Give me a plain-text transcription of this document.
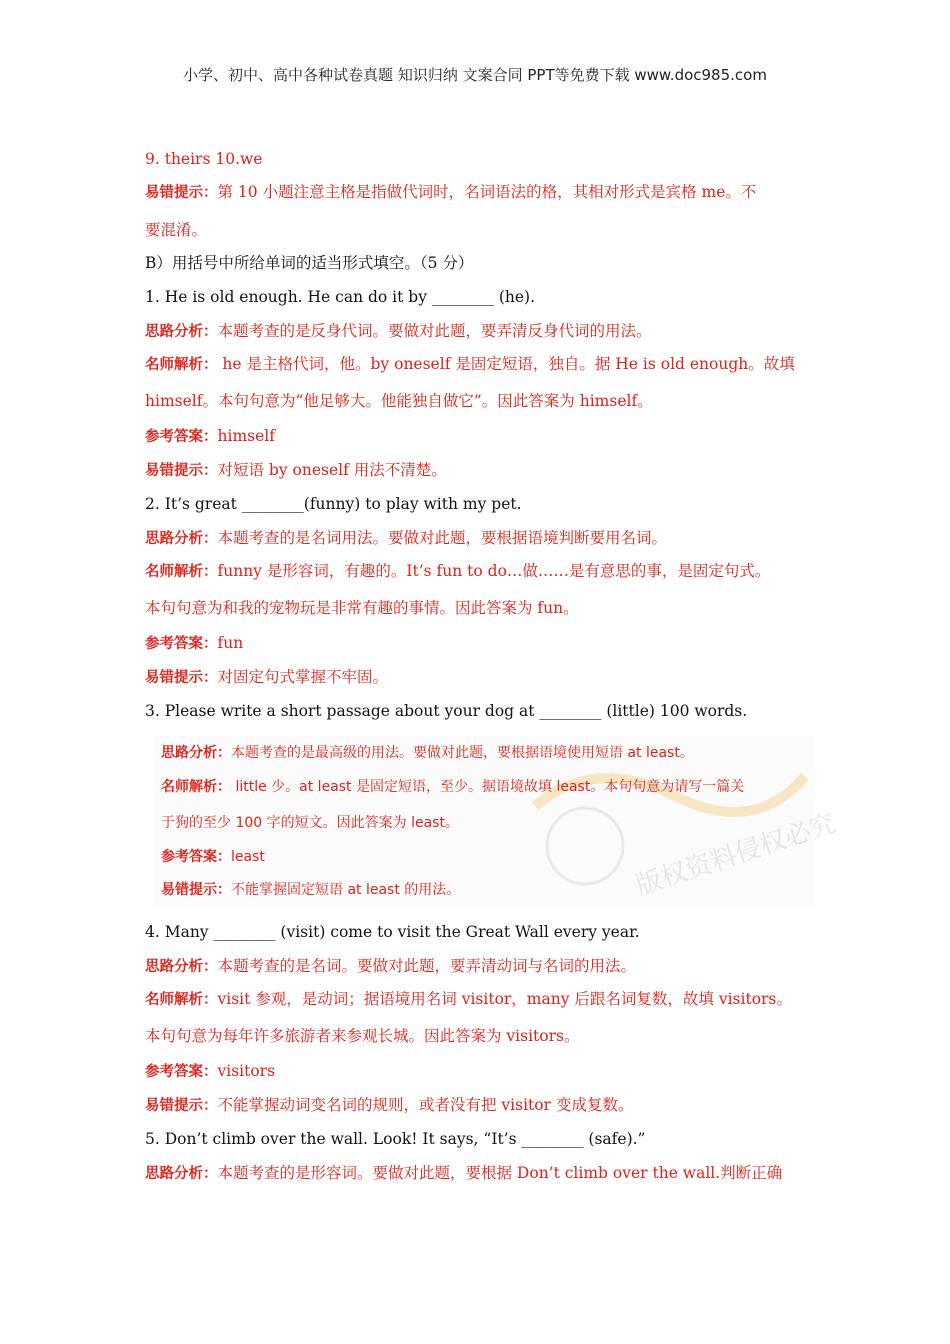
小学、初中、高中各种试卷真题 知识归纳 文案合同 PPT等免费下载 www.doc985.com
9. theirs 10.we
易错提示：第 10 小题注意主格是指做代词时，名词语法的格，其相对形式是宾格 me。不
要混淆。
B）用括号中所给单词的适当形式填空。（5 分）
1. He is old enough. He can do it by ________ (he).
思路分析：本题考查的是反身代词。要做对此题，要弄清反身代词的用法。
名师解析： he 是主格代词，他。by oneself 是固定短语，独自。据 He is old enough。故填
himself。本句句意为“他足够大。他能独自做它”。因此答案为 himself。
参考答案：himself
易错提示：对短语 by oneself 用法不清楚。
2. It’s great ________(funny) to play with my pet.
思路分析：本题考查的是名词用法。要做对此题，要根据语境判断要用名词。
名师解析：funny 是形容词，有趣的。It’s fun to do…做……是有意思的事，是固定句式。
本句句意为和我的宠物玩是非常有趣的事情。因此答案为 fun。
参考答案：fun
易错提示：对固定句式掌握不牢固。
3. Please write a short passage about your dog at ________ (little) 100 words.
版权资料侵权必究
思路分析：本题考查的是最高级的用法。要做对此题，要根据语境使用短语 at least。
名师解析： little 少。at least 是固定短语，至少。据语境故填 least。本句句意为请写一篇关
于狗的至少 100 字的短文。因此答案为 least。
参考答案：least
易错提示：不能掌握固定短语 at least 的用法。
4. Many ________ (visit) come to visit the Great Wall every year.
思路分析：本题考查的是名词。要做对此题，要弄清动词与名词的用法。
名师解析：visit 参观，是动词；据语境用名词 visitor，many 后跟名词复数，故填 visitors。
本句句意为每年许多旅游者来参观长城。因此答案为 visitors。
参考答案：visitors
易错提示：不能掌握动词变名词的规则，或者没有把 visitor 变成复数。
5. Don’t climb over the wall. Look! It says, “It’s ________ (safe).”
思路分析：本题考查的是形容词。要做对此题，要根据 Don’t climb over the wall.判断正确
